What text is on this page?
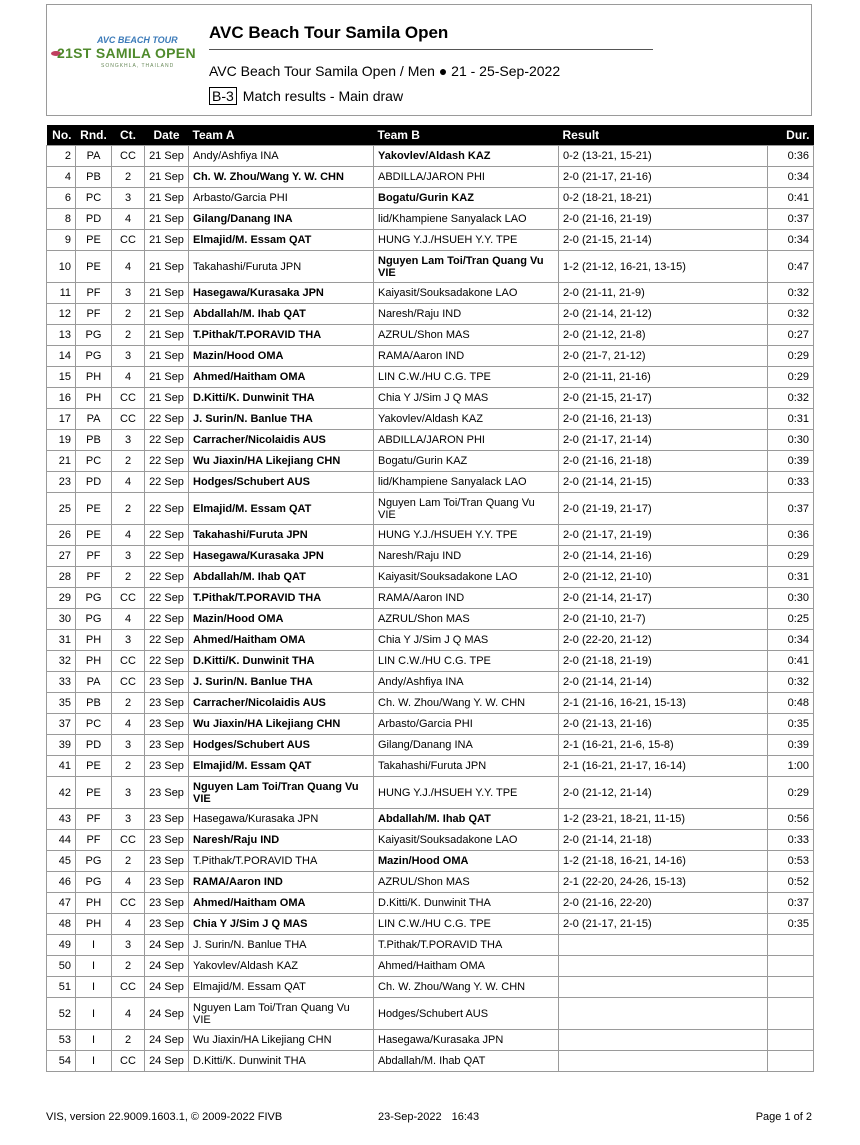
AVC BEACH TOUR
21ST SAMILA OPEN
SONGKHLA, THAILAND
AVC Beach Tour Samila Open
AVC Beach Tour Samila Open / Men ● 21 - 25-Sep-2022
B-3 Match results - Main draw
No.	Rnd.	Ct.	Date	Team A	Team B	Result	Dur.
2	PA	CC	21 Sep	Andy/Ashfiya INA	Yakovlev/Aldash KAZ	0-2 (13-21, 15-21)	0:36
4	PB	2	21 Sep	Ch. W. Zhou/Wang Y. W. CHN	ABDILLA/JARON PHI	2-0 (21-17, 21-16)	0:34
6	PC	3	21 Sep	Arbasto/Garcia PHI	Bogatu/Gurin KAZ	0-2 (18-21, 18-21)	0:41
8	PD	4	21 Sep	Gilang/Danang INA	lid/Khampiene Sanyalack LAO	2-0 (21-16, 21-19)	0:37
9	PE	CC	21 Sep	Elmajid/M. Essam QAT	HUNG Y.J./HSUEH Y.Y. TPE	2-0 (21-15, 21-14)	0:34
10	PE	4	21 Sep	Takahashi/Furuta JPN	Nguyen Lam Toi/Tran Quang Vu VIE	1-2 (21-12, 16-21, 13-15)	0:47
11	PF	3	21 Sep	Hasegawa/Kurasaka JPN	Kaiyasit/Souksadakone LAO	2-0 (21-11, 21-9)	0:32
12	PF	2	21 Sep	Abdallah/M. Ihab QAT	Naresh/Raju IND	2-0 (21-14, 21-12)	0:32
13	PG	2	21 Sep	T.Pithak/T.PORAVID THA	AZRUL/Shon MAS	2-0 (21-12, 21-8)	0:27
14	PG	3	21 Sep	Mazin/Hood OMA	RAMA/Aaron IND	2-0 (21-7, 21-12)	0:29
15	PH	4	21 Sep	Ahmed/Haitham OMA	LIN C.W./HU C.G. TPE	2-0 (21-11, 21-16)	0:29
16	PH	CC	21 Sep	D.Kitti/K. Dunwinit THA	Chia Y J/Sim J Q MAS	2-0 (21-15, 21-17)	0:32
17	PA	CC	22 Sep	J. Surin/N. Banlue THA	Yakovlev/Aldash KAZ	2-0 (21-16, 21-13)	0:31
19	PB	3	22 Sep	Carracher/Nicolaidis AUS	ABDILLA/JARON PHI	2-0 (21-17, 21-14)	0:30
21	PC	2	22 Sep	Wu Jiaxin/HA Likejiang CHN	Bogatu/Gurin KAZ	2-0 (21-16, 21-18)	0:39
23	PD	4	22 Sep	Hodges/Schubert AUS	lid/Khampiene Sanyalack LAO	2-0 (21-14, 21-15)	0:33
25	PE	2	22 Sep	Elmajid/M. Essam QAT	Nguyen Lam Toi/Tran Quang Vu VIE	2-0 (21-19, 21-17)	0:37
26	PE	4	22 Sep	Takahashi/Furuta JPN	HUNG Y.J./HSUEH Y.Y. TPE	2-0 (21-17, 21-19)	0:36
27	PF	3	22 Sep	Hasegawa/Kurasaka JPN	Naresh/Raju IND	2-0 (21-14, 21-16)	0:29
28	PF	2	22 Sep	Abdallah/M. Ihab QAT	Kaiyasit/Souksadakone LAO	2-0 (21-12, 21-10)	0:31
29	PG	CC	22 Sep	T.Pithak/T.PORAVID THA	RAMA/Aaron IND	2-0 (21-14, 21-17)	0:30
30	PG	4	22 Sep	Mazin/Hood OMA	AZRUL/Shon MAS	2-0 (21-10, 21-7)	0:25
31	PH	3	22 Sep	Ahmed/Haitham OMA	Chia Y J/Sim J Q MAS	2-0 (22-20, 21-12)	0:34
32	PH	CC	22 Sep	D.Kitti/K. Dunwinit THA	LIN C.W./HU C.G. TPE	2-0 (21-18, 21-19)	0:41
33	PA	CC	23 Sep	J. Surin/N. Banlue THA	Andy/Ashfiya INA	2-0 (21-14, 21-14)	0:32
35	PB	2	23 Sep	Carracher/Nicolaidis AUS	Ch. W. Zhou/Wang Y. W. CHN	2-1 (21-16, 16-21, 15-13)	0:48
37	PC	4	23 Sep	Wu Jiaxin/HA Likejiang CHN	Arbasto/Garcia PHI	2-0 (21-13, 21-16)	0:35
39	PD	3	23 Sep	Hodges/Schubert AUS	Gilang/Danang INA	2-1 (16-21, 21-6, 15-8)	0:39
41	PE	2	23 Sep	Elmajid/M. Essam QAT	Takahashi/Furuta JPN	2-1 (16-21, 21-17, 16-14)	1:00
42	PE	3	23 Sep	Nguyen Lam Toi/Tran Quang Vu VIE	HUNG Y.J./HSUEH Y.Y. TPE	2-0 (21-12, 21-14)	0:29
43	PF	3	23 Sep	Hasegawa/Kurasaka JPN	Abdallah/M. Ihab QAT	1-2 (23-21, 18-21, 11-15)	0:56
44	PF	CC	23 Sep	Naresh/Raju IND	Kaiyasit/Souksadakone LAO	2-0 (21-14, 21-18)	0:33
45	PG	2	23 Sep	T.Pithak/T.PORAVID THA	Mazin/Hood OMA	1-2 (21-18, 16-21, 14-16)	0:53
46	PG	4	23 Sep	RAMA/Aaron IND	AZRUL/Shon MAS	2-1 (22-20, 24-26, 15-13)	0:52
47	PH	CC	23 Sep	Ahmed/Haitham OMA	D.Kitti/K. Dunwinit THA	2-0 (21-16, 22-20)	0:37
48	PH	4	23 Sep	Chia Y J/Sim J Q MAS	LIN C.W./HU C.G. TPE	2-0 (21-17, 21-15)	0:35
49	I	3	24 Sep	J. Surin/N. Banlue THA	T.Pithak/T.PORAVID THA		
50	I	2	24 Sep	Yakovlev/Aldash KAZ	Ahmed/Haitham OMA		
51	I	CC	24 Sep	Elmajid/M. Essam QAT	Ch. W. Zhou/Wang Y. W. CHN		
52	I	4	24 Sep	Nguyen Lam Toi/Tran Quang Vu VIE	Hodges/Schubert AUS		
53	I	2	24 Sep	Wu Jiaxin/HA Likejiang CHN	Hasegawa/Kurasaka JPN		
54	I	CC	24 Sep	D.Kitti/K. Dunwinit THA	Abdallah/M. Ihab QAT		
VIS, version 22.9009.1603.1, © 2009-2022 FIVB	23-Sep-2022 16:43	Page 1 of 2
